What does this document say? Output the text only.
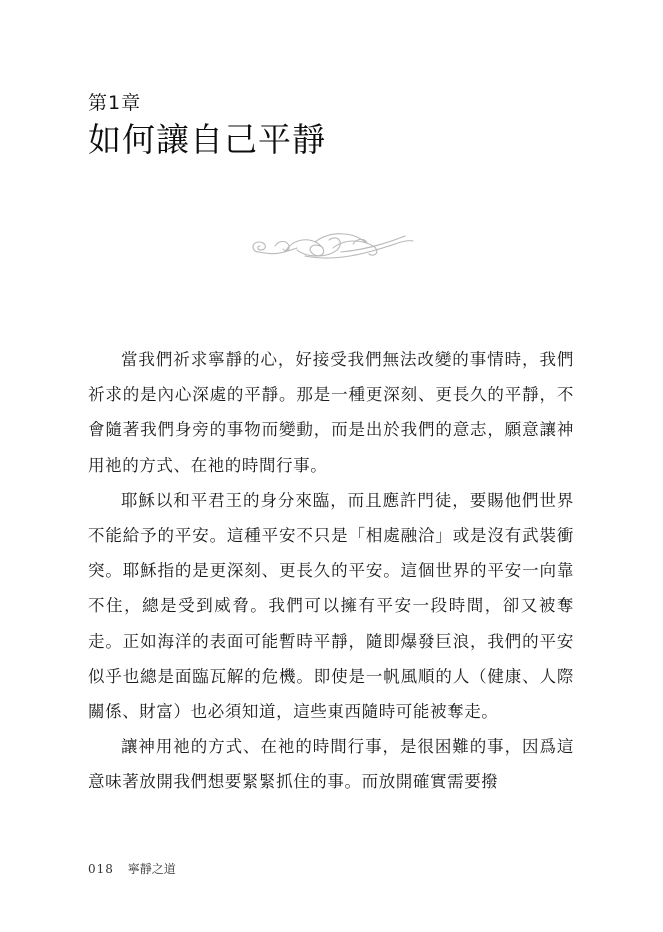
第1章
如何讓自己平靜

當我們祈求寧靜的心，好接受我們無法改變的事情時，我們祈求的是內心深處的平靜。那是一種更深刻、更長久的平靜，不會隨著我們身旁的事物而變動，而是出於我們的意志，願意讓神用祂的方式、在祂的時間行事。

耶穌以和平君王的身分來臨，而且應許門徒，要賜他們世界不能給予的平安。這種平安不只是「相處融洽」或是沒有武裝衝突。耶穌指的是更深刻、更長久的平安。這個世界的平安一向靠不住，總是受到威脅。我們可以擁有平安一段時間，卻又被奪走。正如海洋的表面可能暫時平靜，隨即爆發巨浪，我們的平安似乎也總是面臨瓦解的危機。即使是一帆風順的人（健康、人際關係、財富）也必須知道，這些東西隨時可能被奪走。

讓神用祂的方式、在祂的時間行事，是很困難的事，因爲這意味著放開我們想要緊緊抓住的事。而放開確實需要撥

018 寧靜之道
